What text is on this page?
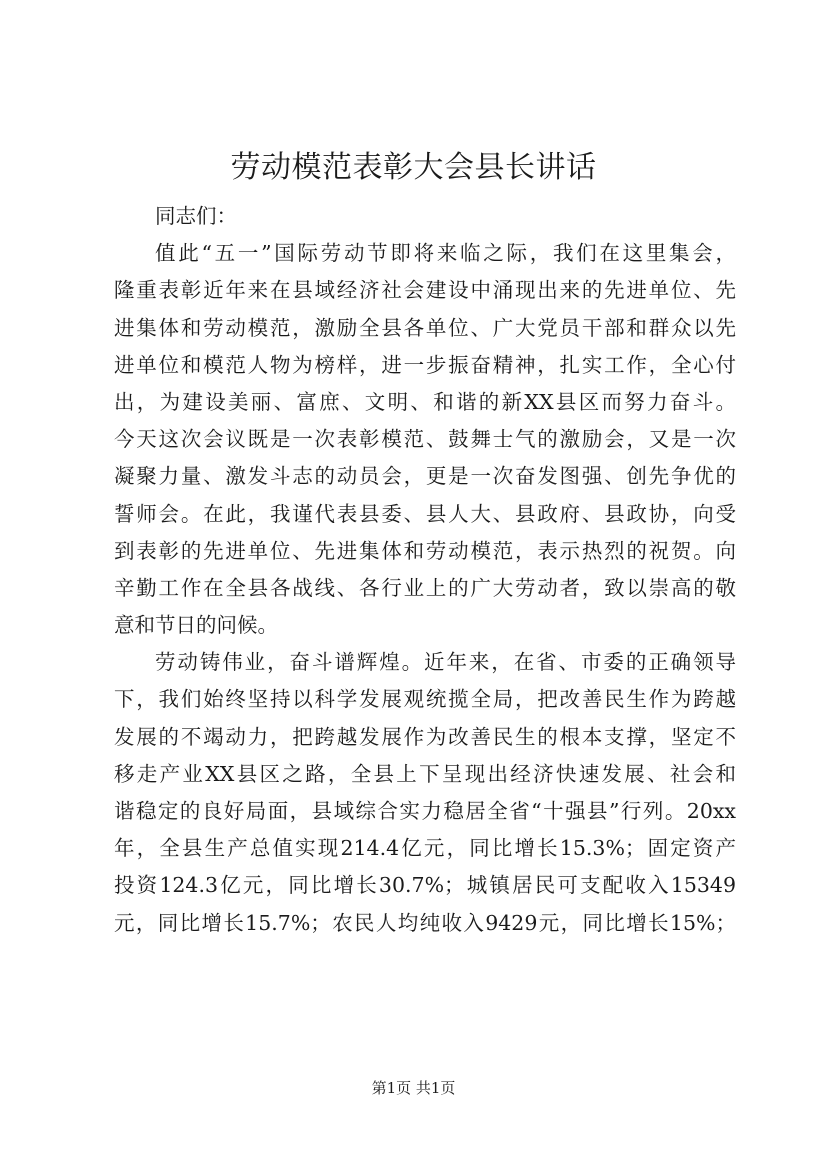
劳动模范表彰大会县长讲话
同志们：
值此“五一”国际劳动节即将来临之际，我们在这里集会，
隆重表彰近年来在县域经济社会建设中涌现出来的先进单位、先
进集体和劳动模范，激励全县各单位、广大党员干部和群众以先
进单位和模范人物为榜样，进一步振奋精神，扎实工作，全心付
出，为建设美丽、富庶、文明、和谐的新XX县区而努力奋斗。
今天这次会议既是一次表彰模范、鼓舞士气的激励会，又是一次
凝聚力量、激发斗志的动员会，更是一次奋发图强、创先争优的
誓师会。在此，我谨代表县委、县人大、县政府、县政协，向受
到表彰的先进单位、先进集体和劳动模范，表示热烈的祝贺。向
辛勤工作在全县各战线、各行业上的广大劳动者，致以崇高的敬
意和节日的问候。
劳动铸伟业，奋斗谱辉煌。近年来，在省、市委的正确领导
下，我们始终坚持以科学发展观统揽全局，把改善民生作为跨越
发展的不竭动力，把跨越发展作为改善民生的根本支撑，坚定不
移走产业XX县区之路，全县上下呈现出经济快速发展、社会和
谐稳定的良好局面，县域综合实力稳居全省“十强县”行列。20xx
年，全县生产总值实现214.4亿元，同比增长15.3%；固定资产
投资124.3亿元，同比增长30.7%；城镇居民可支配收入15349
元，同比增长15.7%；农民人均纯收入9429元，同比增长15%；
第1页 共1页
